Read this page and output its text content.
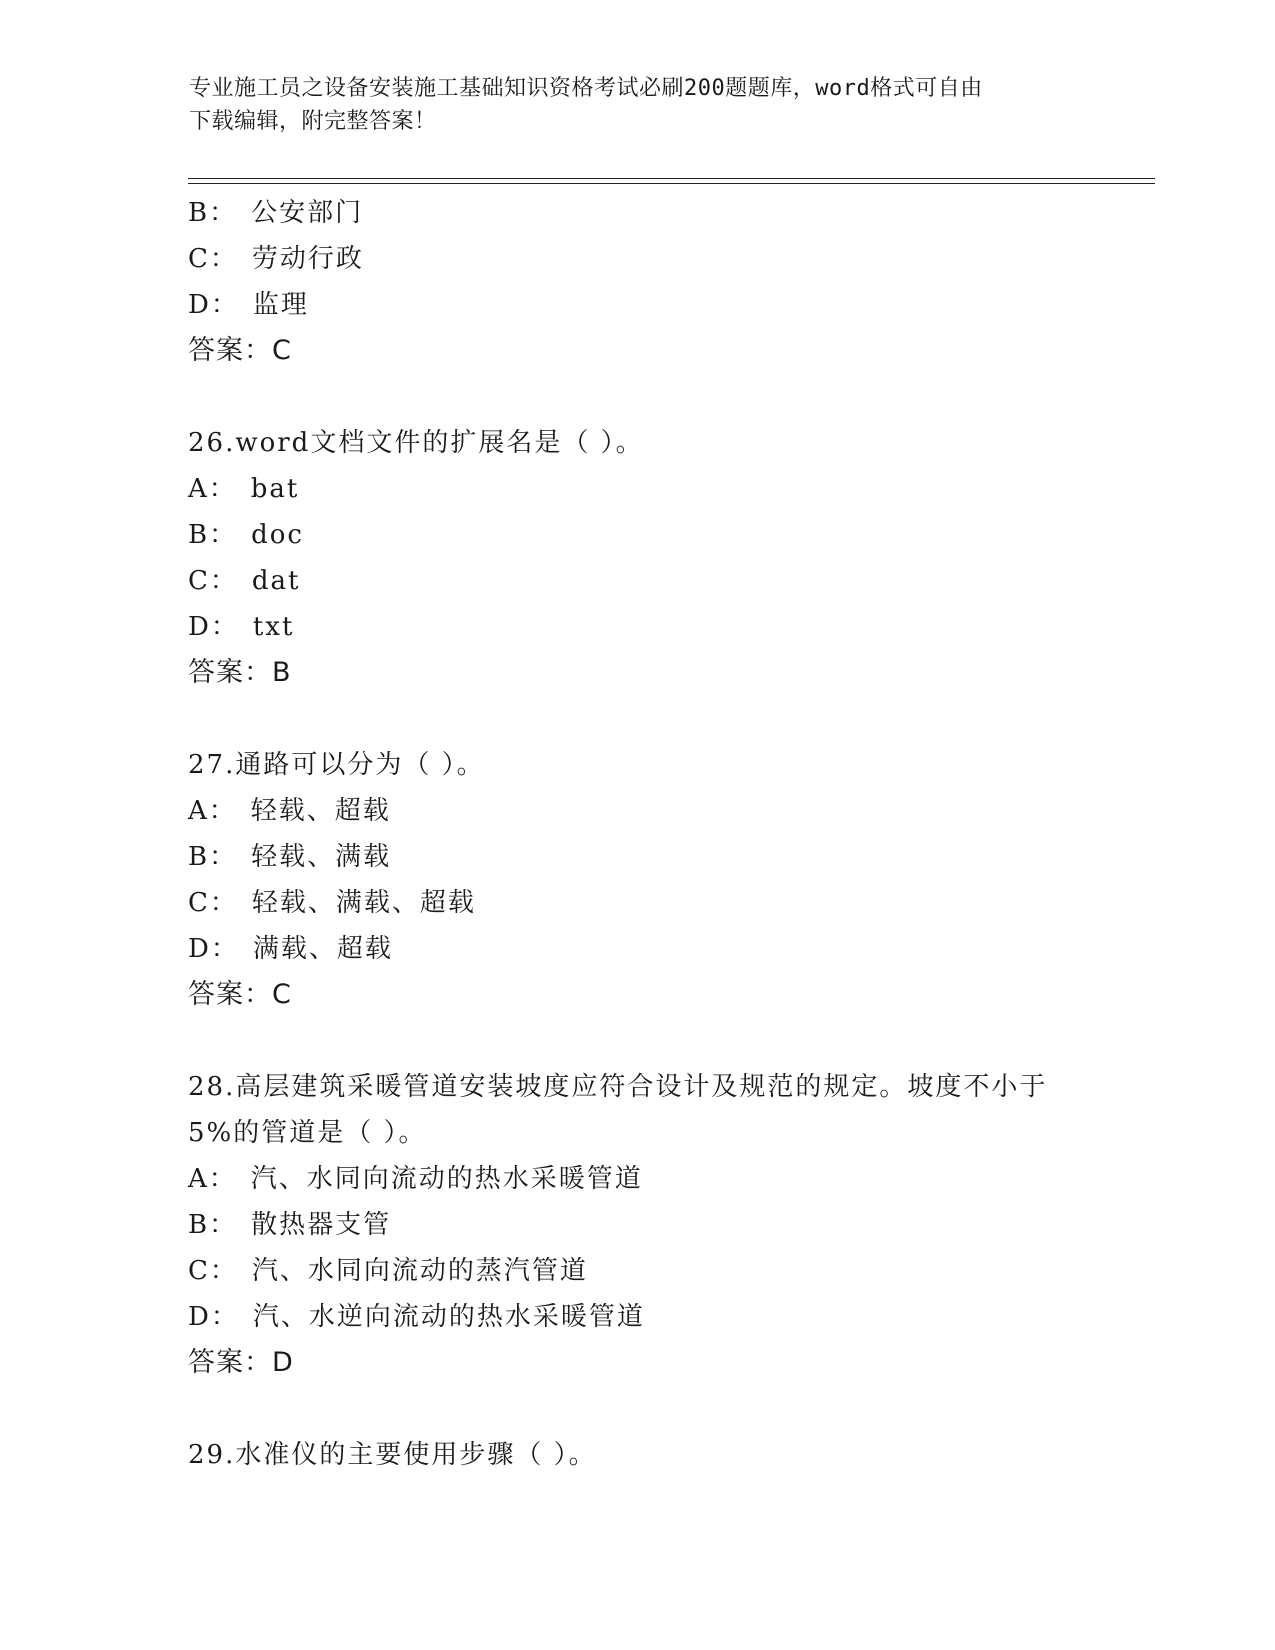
专业施工员之设备安装施工基础知识资格考试必刷200题题库，word格式可自由
下载编辑，附完整答案！
B： 公安部门
C： 劳动行政
D： 监理
答案：C
26.word文档文件的扩展名是（ ）。
A： bat
B： doc
C： dat
D： txt
答案：B
27.通路可以分为（ ）。
A： 轻载、超载
B： 轻载、满载
C： 轻载、满载、超载
D： 满载、超载
答案：C
28.高层建筑采暖管道安装坡度应符合设计及规范的规定。坡度不小于
5%的管道是（ ）。
A： 汽、水同向流动的热水采暖管道
B： 散热器支管
C： 汽、水同向流动的蒸汽管道
D： 汽、水逆向流动的热水采暖管道
答案：D
29.水准仪的主要使用步骤（ ）。
